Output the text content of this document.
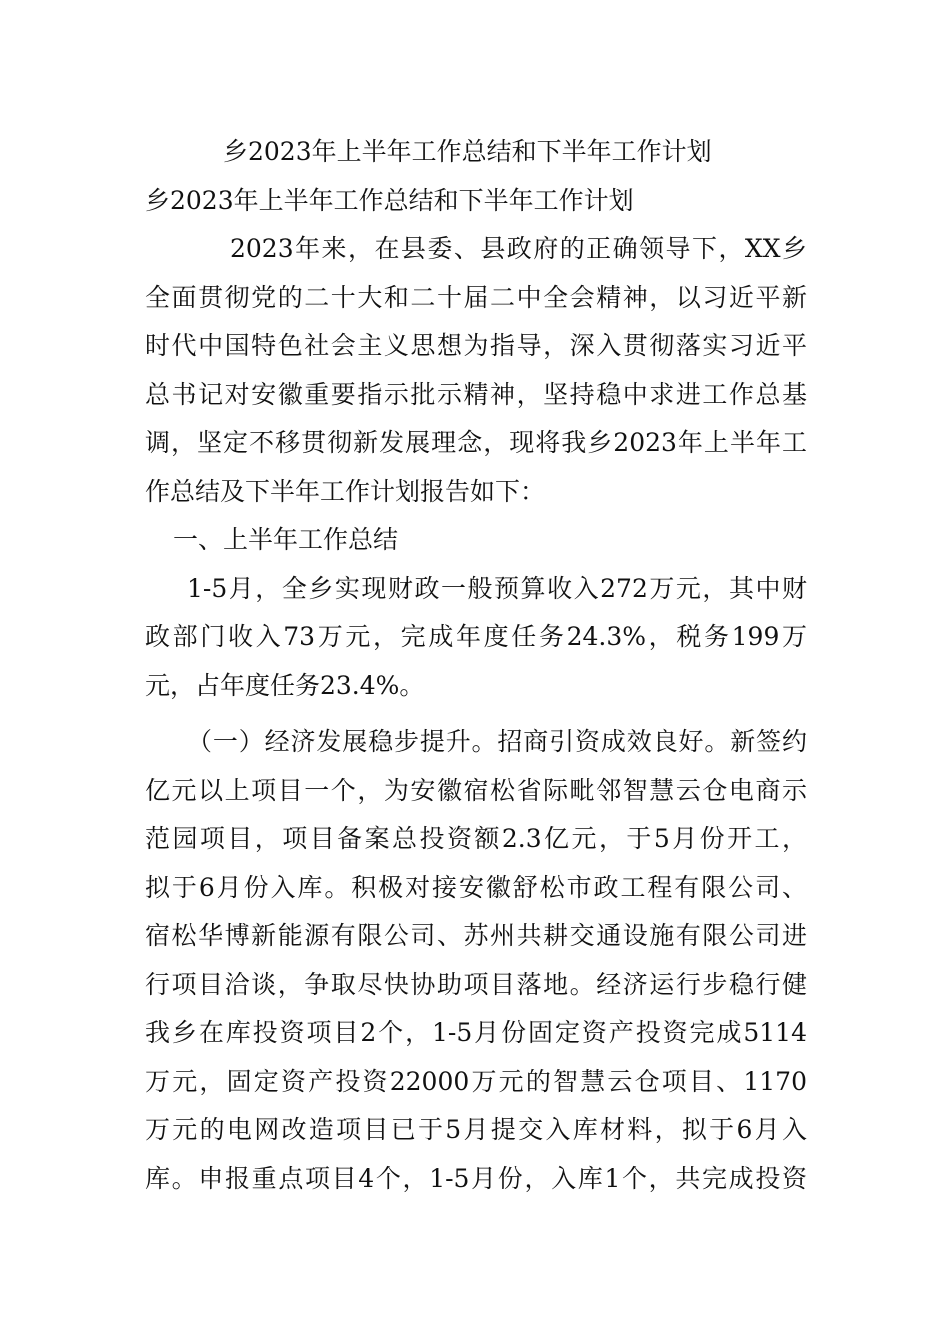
乡2023年上半年工作总结和下半年工作计划

乡2023年上半年工作总结和下半年工作计划

2023年来，在县委、县政府的正确领导下，XX乡

全面贯彻党的二十大和二十届二中全会精神，以习近平新

时代中国特色社会主义思想为指导，深入贯彻落实习近平

总书记对安徽重要指示批示精神，坚持稳中求进工作总基

调，坚定不移贯彻新发展理念，现将我乡2023年上半年工

作总结及下半年工作计划报告如下：

一、上半年工作总结

1-5月，全乡实现财政一般预算收入272万元，其中财

政部门收入73万元，完成年度任务24.3%，税务199万

元，占年度任务23.4%。

（一）经济发展稳步提升。招商引资成效良好。新签约

亿元以上项目一个，为安徽宿松省际毗邻智慧云仓电商示

范园项目，项目备案总投资额2.3亿元，于5月份开工，

拟于6月份入库。积极对接安徽舒松市政工程有限公司、

宿松华博新能源有限公司、苏州共耕交通设施有限公司进

行项目洽谈，争取尽快协助项目落地。经济运行步稳行健

我乡在库投资项目2个，1-5月份固定资产投资完成5114

万元，固定资产投资22000万元的智慧云仓项目、1170

万元的电网改造项目已于5月提交入库材料，拟于6月入

库。申报重点项目4个，1-5月份，入库1个，共完成投资
